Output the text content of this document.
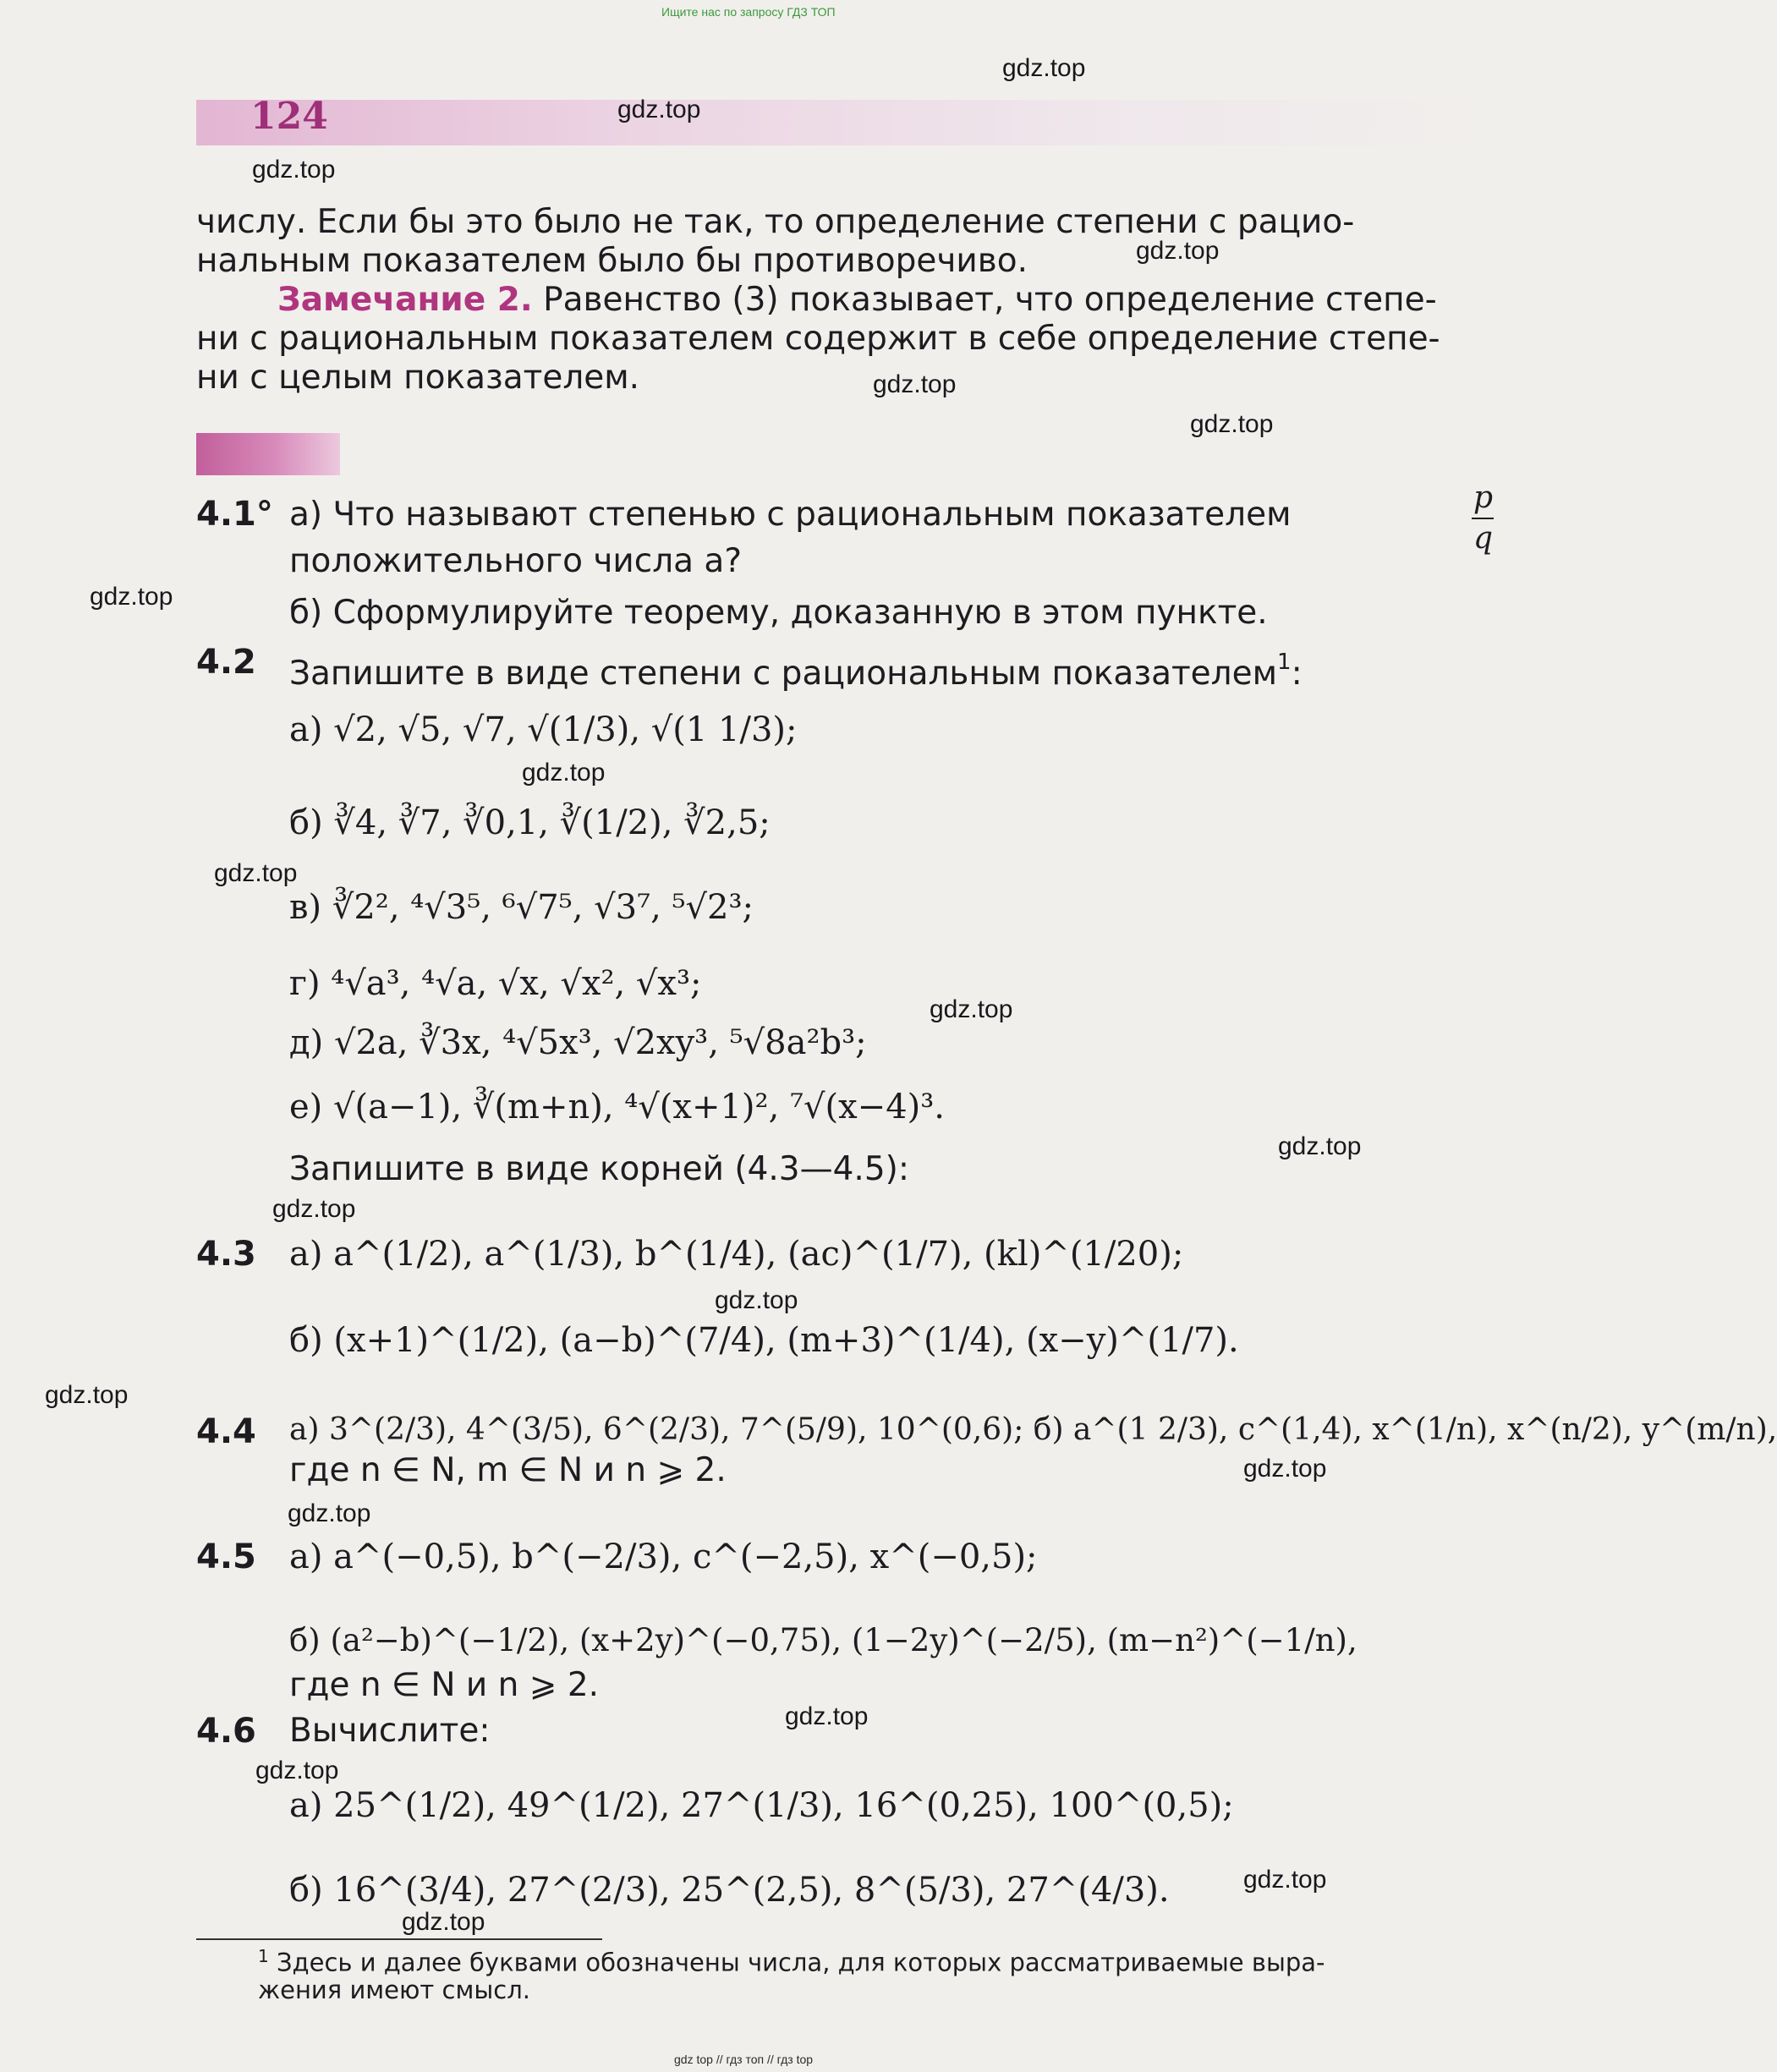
Ищите нас по запросу ГДЗ ТОП
gdz top // гдз топ // гдз top
124
числу. Если бы это было не так, то определение степени с рацио-
нальным показателем было бы противоречиво.
Замечание 2. Равенство (3) показывает, что определение степе-
ни с рациональным показателем содержит в себе определение степе-
ни с целым показателем.
4.1° а) Что называют степенью с рациональным показателем	p
q
положительного числа a?
б) Сформулируйте теорему, доказанную в этом пункте.
4.2 Запишите в виде степени с рациональным показателем$^1$:
а) √2, √5, √7, √(1/3), √(1 1/3);
б) ∛4, ∛7, ∛0,1, ∛(1/2), ∛2,5;
в) ∛2², ⁴√3⁵, ⁶√7⁵, √3⁷, ⁵√2³;
г) ⁴√a³, ⁴√a, √x, √x², √x³;
д) √2a, ∛3x, ⁴√5x³, √2xy³, ⁵√8a²b³;
е) √(a−1), ∛(m+n), ⁴√(x+1)², ⁷√(x−4)³.
Запишите в виде корней (4.3—4.5):
4.3 а) a^(1/2), a^(1/3), b^(1/4), (ac)^(1/7), (kl)^(1/20);
б) (x+1)^(1/2), (a−b)^(7/4), (m+3)^(1/4), (x−y)^(1/7).
4.4 а) 3^(2/3), 4^(3/5), 6^(2/3), 7^(5/9), 10^(0,6); б) a^(1 2/3), c^(1,4), x^(1/n), x^(n/2), y^(m/n),
где n ∈ N, m ∈ N и n ⩾ 2.
4.5 а) a^(−0,5), b^(−2/3), c^(−2,5), x^(−0,5);
б) (a²−b)^(−1/2), (x+2y)^(−0,75), (1−2y)^(−2/5), (m−n²)^(−1/n),
где n ∈ N и n ⩾ 2.
4.6 Вычислите:
а) 25^(1/2), 49^(1/2), 27^(1/3), 16^(0,25), 100^(0,5);
б) 16^(3/4), 27^(2/3), 25^(2,5), 8^(5/3), 27^(4/3).
$^1$ Здесь и далее буквами обозначены числа, для которых рассматриваемые выра-
жения имеют смысл.
gdz.top
gdz.top
gdz.top
gdz.top
gdz.top
gdz.top
gdz.top
gdz.top
gdz.top
gdz.top
gdz.top
gdz.top
gdz.top
gdz.top
gdz.top
gdz.top
gdz.top
gdz.top
gdz.top
gdz.top
